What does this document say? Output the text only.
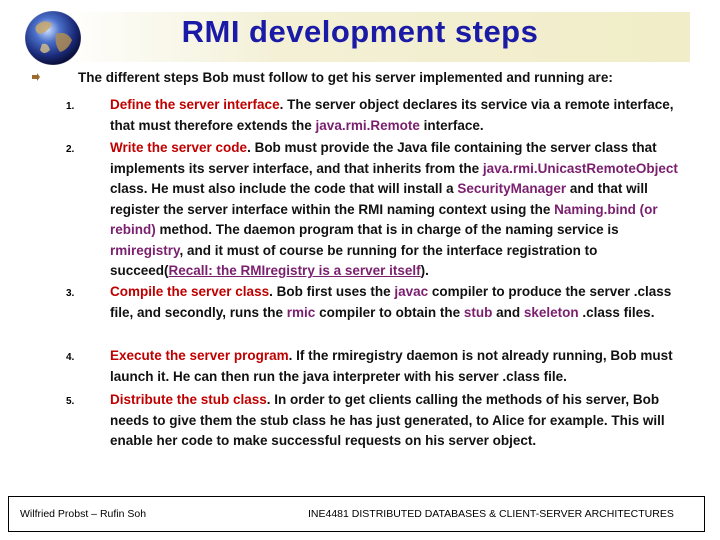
RMI development steps
The different steps Bob must follow to get his server implemented and running are:
1.	Define the server interface. The server object declares its service via a remote interface, that must therefore extends the java.rmi.Remote interface.
2.	Write the server code. Bob must provide the Java file containing the server class that implements its server interface, and that inherits from the java.rmi.UnicastRemoteObject class. He must also include the code that will install a SecurityManager and that will register the server interface within the RMI naming context using the Naming.bind (or rebind) method. The daemon program that is in charge of the naming service is rmiregistry, and it must of course be running for the interface registration to succeed(Recall: the RMIregistry is a server itself).
3.	Compile the server class. Bob first uses the javac compiler to produce the server .class file, and secondly, runs the rmic compiler to obtain the stub and skeleton .class files.
4.	Execute the server program. If the rmiregistry daemon is not already running, Bob must launch it. He can then run the java interpreter with his server .class file.
5.	Distribute the stub class. In order to get clients calling the methods of his server, Bob needs to give them the stub class he has just generated, to Alice for example. This will enable her code to make successful requests on his server object.
Wilfried Probst – Rufin Soh	INE4481 DISTRIBUTED DATABASES & CLIENT-SERVER ARCHITECTURES
